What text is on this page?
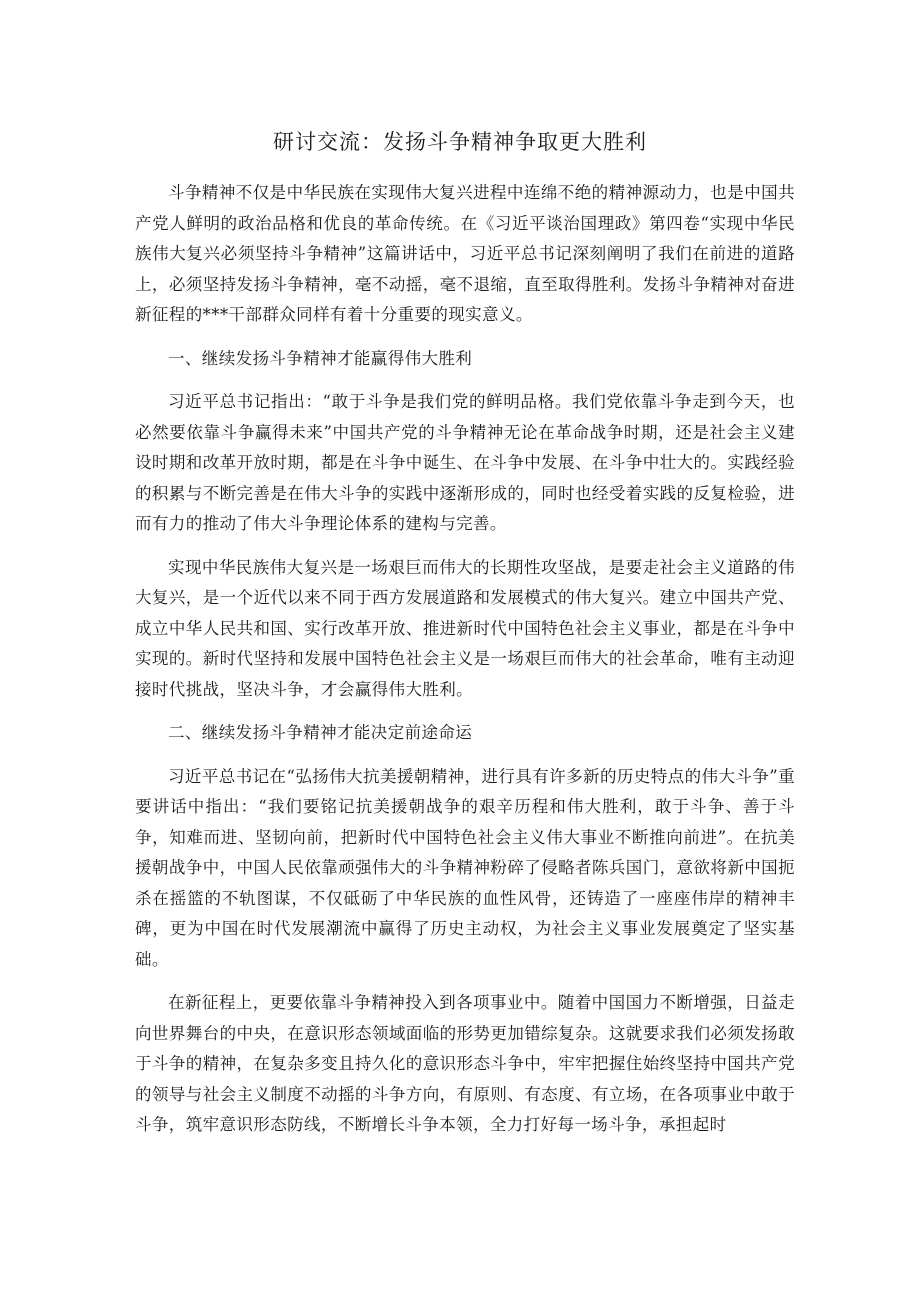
研讨交流：发扬斗争精神争取更大胜利

斗争精神不仅是中华民族在实现伟大复兴进程中连绵不绝的精神源动力，也是中国共产党人鲜明的政治品格和优良的革命传统。在《习近平谈治国理政》第四卷“实现中华民族伟大复兴必须坚持斗争精神”这篇讲话中，习近平总书记深刻阐明了我们在前进的道路上，必须坚持发扬斗争精神，毫不动摇，毫不退缩，直至取得胜利。发扬斗争精神对奋进新征程的***干部群众同样有着十分重要的现实意义。

一、继续发扬斗争精神才能赢得伟大胜利

习近平总书记指出：“敢于斗争是我们党的鲜明品格。我们党依靠斗争走到今天，也必然要依靠斗争赢得未来”中国共产党的斗争精神无论在革命战争时期，还是社会主义建设时期和改革开放时期，都是在斗争中诞生、在斗争中发展、在斗争中壮大的。实践经验的积累与不断完善是在伟大斗争的实践中逐渐形成的，同时也经受着实践的反复检验，进而有力的推动了伟大斗争理论体系的建构与完善。

实现中华民族伟大复兴是一场艰巨而伟大的长期性攻坚战，是要走社会主义道路的伟大复兴，是一个近代以来不同于西方发展道路和发展模式的伟大复兴。建立中国共产党、成立中华人民共和国、实行改革开放、推进新时代中国特色社会主义事业，都是在斗争中实现的。新时代坚持和发展中国特色社会主义是一场艰巨而伟大的社会革命，唯有主动迎接时代挑战，坚决斗争，才会赢得伟大胜利。

二、继续发扬斗争精神才能决定前途命运

习近平总书记在“弘扬伟大抗美援朝精神，进行具有许多新的历史特点的伟大斗争”重要讲话中指出：“我们要铭记抗美援朝战争的艰辛历程和伟大胜利，敢于斗争、善于斗争，知难而进、坚韧向前，把新时代中国特色社会主义伟大事业不断推向前进”。在抗美援朝战争中，中国人民依靠顽强伟大的斗争精神粉碎了侵略者陈兵国门，意欲将新中国扼杀在摇篮的不轨图谋，不仅砥砺了中华民族的血性风骨，还铸造了一座座伟岸的精神丰碑，更为中国在时代发展潮流中赢得了历史主动权，为社会主义事业发展奠定了坚实基础。

在新征程上，更要依靠斗争精神投入到各项事业中。随着中国国力不断增强，日益走向世界舞台的中央，在意识形态领域面临的形势更加错综复杂。这就要求我们必须发扬敢于斗争的精神，在复杂多变且持久化的意识形态斗争中，牢牢把握住始终坚持中国共产党的领导与社会主义制度不动摇的斗争方向，有原则、有态度、有立场，在各项事业中敢于斗争，筑牢意识形态防线，不断增长斗争本领，全力打好每一场斗争，承担起时
